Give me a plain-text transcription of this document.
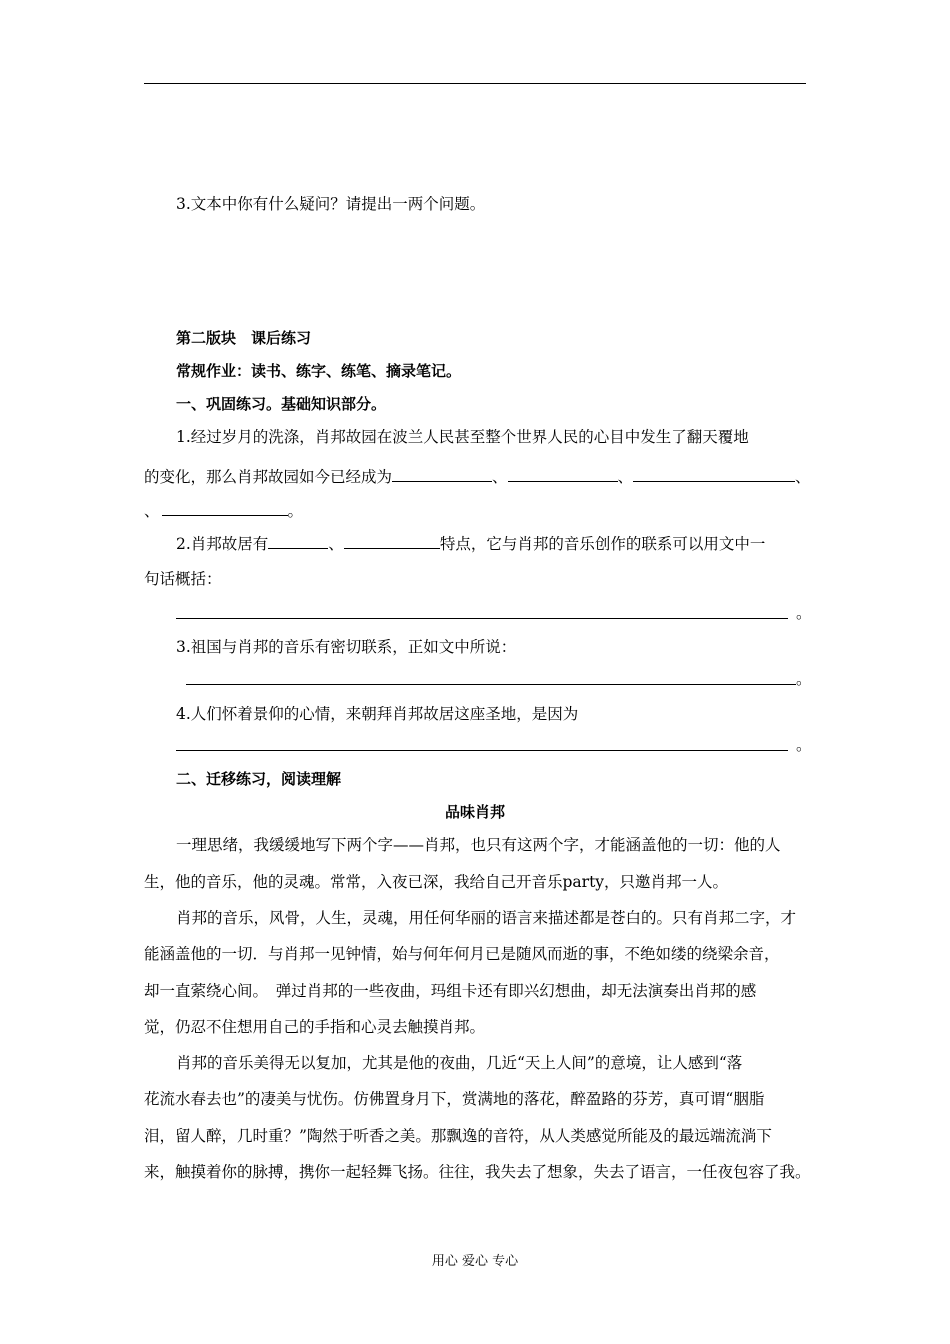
3.文本中你有什么疑问？请提出一两个问题。
第二版块　课后练习
常规作业：读书、练字、练笔、摘录笔记。
一、巩固练习。基础知识部分。
1.经过岁月的洗涤，肖邦故园在波兰人民甚至整个世界人民的心目中发生了翻天覆地
的变化，那么肖邦故园如今已经成为	、	、	、
、	。
2.肖邦故居有	、	特点，它与肖邦的音乐创作的联系可以用文中一
句话概括：
。
3.祖国与肖邦的音乐有密切联系，正如文中所说：
。
4.人们怀着景仰的心情，来朝拜肖邦故居这座圣地，是因为
。
二、迁移练习，阅读理解
品味肖邦
一理思绪，我缓缓地写下两个字——肖邦，也只有这两个字，才能涵盖他的一切：他的人
生，他的音乐，他的灵魂。常常，入夜已深，我给自己开音乐party，只邀肖邦一人。
肖邦的音乐，风骨，人生，灵魂，用任何华丽的语言来描述都是苍白的。只有肖邦二字，才
能涵盖他的一切．与肖邦一见钟情，始与何年何月已是随风而逝的事，不绝如缕的绕梁余音，
却一直萦绕心间。　弹过肖邦的一些夜曲，玛组卡还有即兴幻想曲，却无法演奏出肖邦的感
觉，仍忍不住想用自己的手指和心灵去触摸肖邦。
肖邦的音乐美得无以复加，尤其是他的夜曲，几近“天上人间”的意境，让人感到“落
花流水春去也”的凄美与忧伤。仿佛置身月下，赏满地的落花，醉盈路的芬芳，真可谓“胭脂
泪，留人醉，几时重？”陶然于听香之美。那飘逸的音符，从人类感觉所能及的最远端流淌下
来，触摸着你的脉搏，携你一起轻舞飞扬。往往，我失去了想象，失去了语言，一任夜包容了我。
用心 爱心 专心
